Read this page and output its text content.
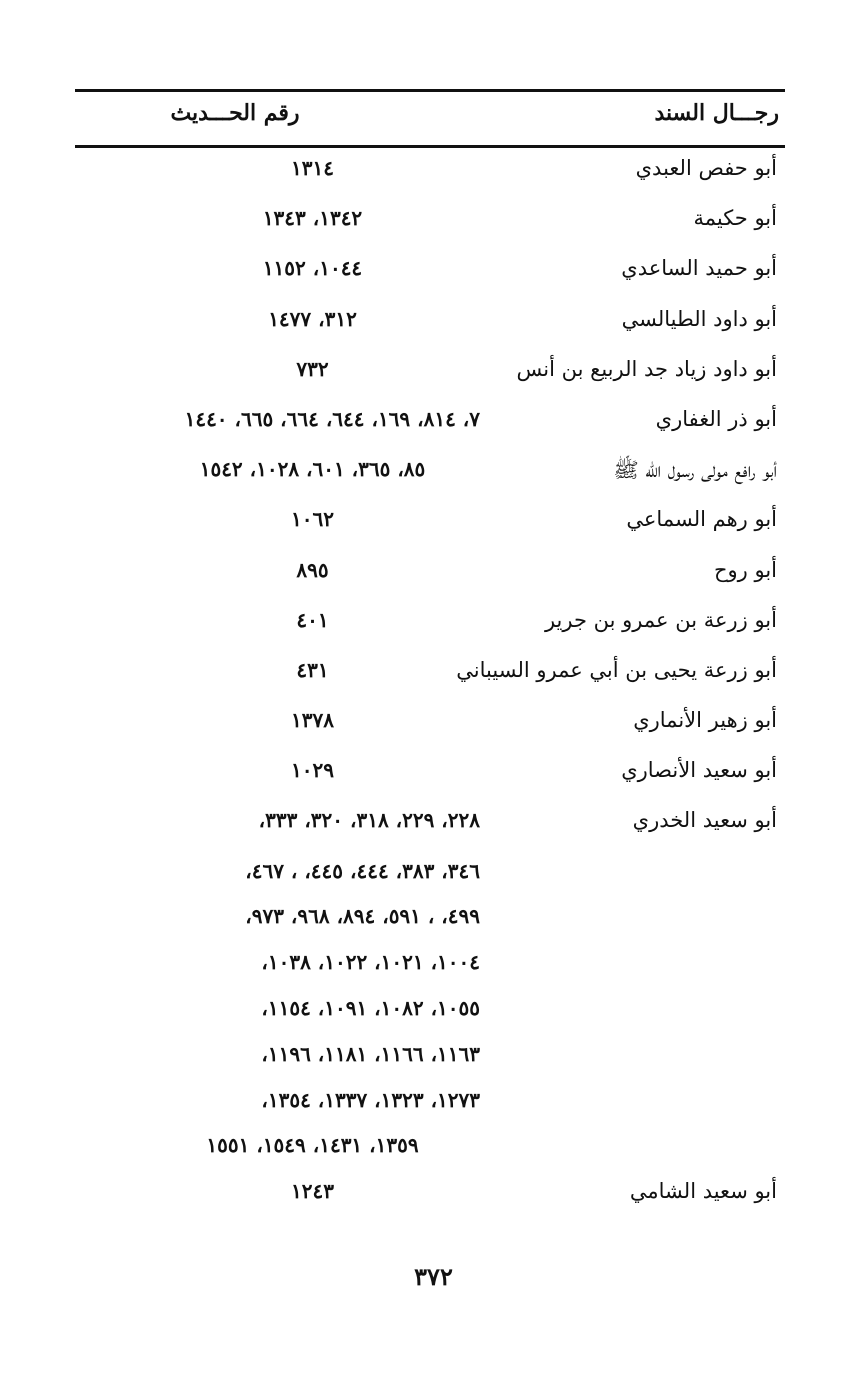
رجـــال السند
رقم الحـــديث
أبو حفص العبدي
١٣١٤
أبو حكيمة
١٣٤٢، ١٣٤٣
أبو حميد الساعدي
١٠٤٤، ١١٥٢
أبو داود الطيالسي
٣١٢، ١٤٧٧
أبو داود زياد جد الربيع بن أنس
٧٣٢
أبو ذر الغفاري
٧، ٨١٤، ١٦٩، ٦٤٤، ٦٦٤، ٦٦٥، ١٤٤٠
أبو رافع مولى رسول الله ﷺ
٨٥، ٣٦٥، ٦٠١، ١٠٢٨، ١٥٤٢
أبو رهم السماعي
١٠٦٢
أبو روح
٨٩٥
أبو زرعة بن عمرو بن جرير
٤٠١
أبو زرعة يحيى بن أبي عمرو السيباني
٤٣١
أبو زهير الأنماري
١٣٧٨
أبو سعيد الأنصاري
١٠٢٩
أبو سعيد الخدري
٢٢٨، ٢٢٩، ٣١٨، ٣٢٠، ٣٣٣،
٣٤٦، ٣٨٣، ٤٤٤، ٤٤٥، ، ٤٦٧،
٤٩٩، ، ٥٩١، ٨٩٤، ٩٦٨، ٩٧٣،
١٠٠٤، ١٠٢١، ١٠٢٢، ١٠٣٨،
١٠٥٥، ١٠٨٢، ١٠٩١، ١١٥٤،
١١٦٣، ١١٦٦، ١١٨١، ١١٩٦،
١٢٧٣، ١٣٢٣، ١٣٣٧، ١٣٥٤،
١٣٥٩، ١٤٣١، ١٥٤٩، ١٥٥١
أبو سعيد الشامي
١٢٤٣
٣٧٢
